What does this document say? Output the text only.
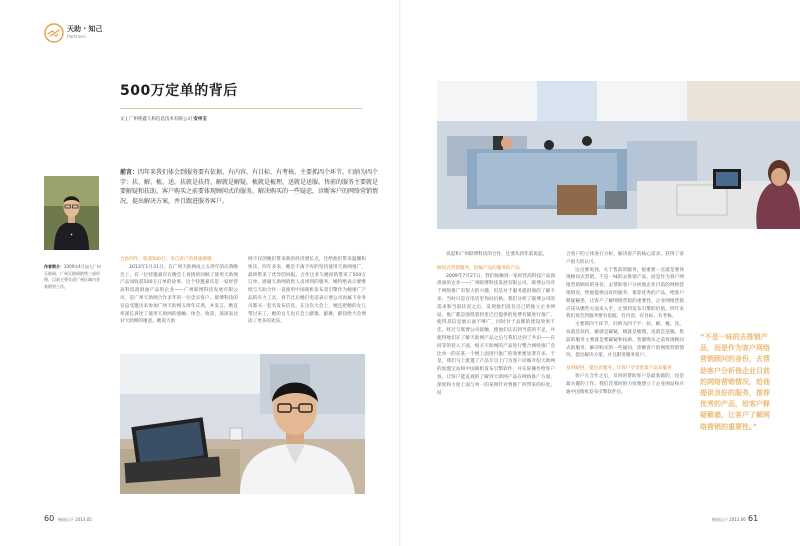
天助 · 知己
Partners
500万定单的背后
文 | 广州筷鑫人和信息技术有限公司 安申玉
前言：四年来我们体会到服务要有依据、有内容、有目标、有考核。主要抓四个环节，归纳为四个字：扶、解、梳、送，扶就是扶持，解就是解疑，梳就是梳理，送就是送服。售前的服务主要就是要解疑和扶助。客户购买之前要体现顾问式的服务，解决购买的一些疑虑，诊断客户的网络营销情况，提出解决方案，并且跟进服务客户。
✦
作者简介：2009年4月加入广州天助网，广州天助网销售三部经理，目前主要负责广州区域内业务销售工作。

合作四年，收获500万，来自客户的真诚感谢

2013年1月31日，在广州天助网成立五周年的庆典晚会上，有一位特邀嘉宾在晚会上真情的回顾了使用天助网产品而收获500万订单的故事，这个特邀嘉宾是一家经营高科技润滑油产品的企业——广州联博科技发展有限公司，是广州天助网合作多年的一位忠实客户。联博科技的宣总受邀出来参加广州天助网五周年庆典，并发言，她直率深长诉述了使用天助网的感触、体会、收获，深深表达对天助网的谢意。她说天助

网不仅创她们带来新的经济增长点，还给他们带来温馨和快乐，四年多来，她是不离不弃的坚持使用天助网推广，最终带来了优异的回报。合作这多久她初新带来了500万订单，感谢天助网销售人员周到的服务，她特绝表示要继续与天助合作一直使用中国商机发布双引擎作为她推广产品的有力工具，春节过后她打电话表示要公司再属下业务员都买一套名发布信息。在这次大会上，她还把她的女儿带过来了，她的女儿也在会上献歌、献舞，献技给大会增添了更多的欢乐。

说起和广州联博科技的合作，还要从四年前说起。

顾问式营销服务，挖掘产品的服务的产品

2009年7月27日，我们接触到一家经营高科技产品润滑油的企业——广州联博科技发展有限公司，联博公司对于网络推广有很大的兴趣，但是对于服务提供商的了解不多，当时只是在电话里询问价格。我们分析了联博公司的需求和当前状况之后，发现他们没有自己的独立企业网站，推广都是围绕着阿里巴巴提供的免费有铺进行推广，使得其信息展示面不够广，同时对于品牌的建设效果不佳，经过与联博公司接触，使他们认识到当前的不足，并使得他们在了解天助网产品之后与我们达到了共识——在同等的投入下面，购买天助网的产品进行整合网络推广会比单一的在某一个网上面进行推广的效果要显著许多。于是，我们马上派遣了产品专员上门为客户详细介绍天助网的加盟宝站和中国商机发布引擎软件，并实际操作给客户看，让客户能直观的了解到天助网产品在网络推广方面，深度和力度上面与单一的某网针对费推广所带来的好处。结

合客户的立体进行分析，解决客户的核心需求，获得了客户很大的认可。

这点要说到，关于售前的服务，很重要一点就是要体现顾问式营销，不是一味的去推销产品，而是作为客户网络营销顾问的身份，去帮助客户分析他企业目前的网络营销情况，给他提供良好的服务，推荐优秀的产品，给客户释疑解惑，让客户了解网络营销的重要性，企业网络营销应该从哪些方面来入手，让到到发布引擎的价值。四年来我们体会到服务要有依据，有内容、有目标、有考核。

主要抓四个环节，归纳为四个字：扶、解、梳、送，扶就是扶持，解就是解疑，梳就是梳理，送就是送服。售前的服务主要就是要解疑和扶助。客服购买之前体现顾问式的服务，解决购买的一些疑问，诊断客户的网络营销情况，提出解决方案，并且跟进服务客户。

及时跟进，提出式服务，让客户享受优质产品及服务

客户在合作之后，及时的帮助客户是最基础的，也是最关键的工作。我们首那时的力度便建立了企业网站和开通中国商机发布引擎软件后，

“不是一味的去推销产品，而是作为客户网络营销顾问的身份，去帮助客户分析他企业目前的网络营销情况，给他提供良好的服务，推荐优秀的产品，给客户释疑解惑，让客户了解网络营销的重要性。”
60 指南山下 2013.05	指南山下 2013.06 61
